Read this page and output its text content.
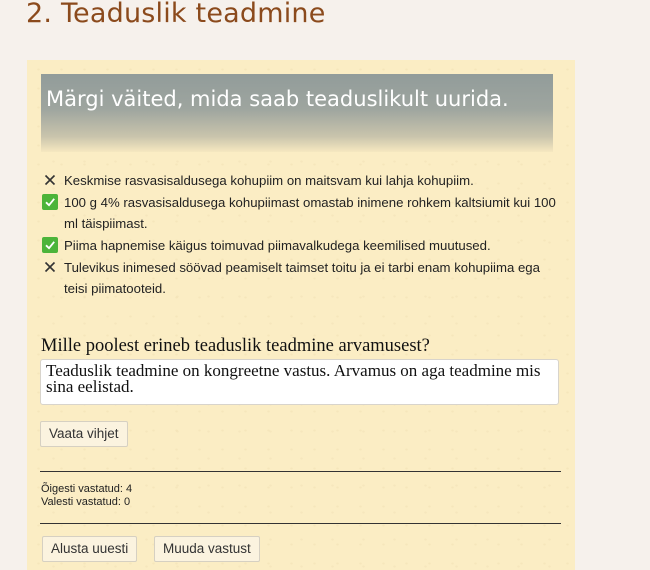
2. Teaduslik teadmine
Märgi väited, mida saab teaduslikult uurida.
Keskmise rasvasisaldusega kohupiim on maitsvam kui lahja kohupiim.
100 g 4% rasvasisaldusega kohupiimast omastab inimene rohkem kaltsiumit kui 100 ml täispiimast.
Piima hapnemise käigus toimuvad piimavalkudega keemilised muutused.
Tulevikus inimesed söövad peamiselt taimset toitu ja ei tarbi enam kohupiima ega teisi piimatooteid.

Mille poolest erineb teaduslik teadmine arvamusest?

Teaduslik teadmine on kongreetne vastus. Arvamus on aga teadmine mis sina eelistad.
Vaata vihjet
Õigesti vastatud: 4
Valesti vastatud: 0
Alusta uuesti	Muuda vastust
